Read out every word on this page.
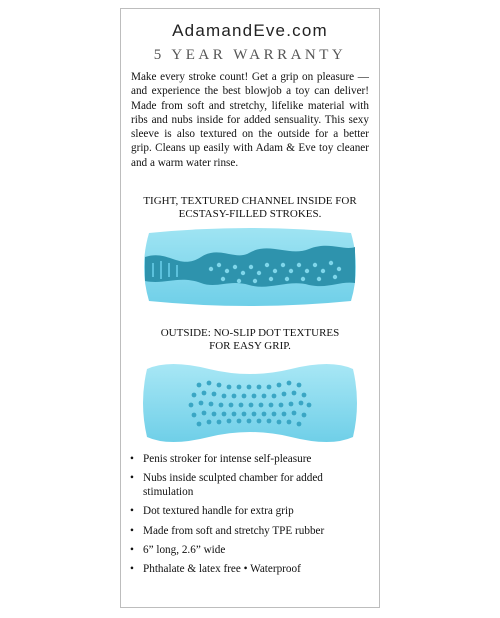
AdamandEve.com
5 YEAR WARRANTY

Make every stroke count! Get a grip on pleasure — and experience the best blowjob a toy can deliver! Made from soft and stretchy, lifelike material with ribs and nubs inside for added sensuality. This sexy sleeve is also textured on the outside for a better grip. Cleans up easily with Adam & Eve toy cleaner and a warm water rinse.

TIGHT, TEXTURED CHANNEL INSIDE FOR
ECSTASY-FILLED STROKES.
OUTSIDE: NO-SLIP DOT TEXTURES
FOR EASY GRIP.
• Penis stroker for intense self-pleasure
• Nubs inside sculpted chamber for added stimulation
• Dot textured handle for extra grip
• Made from soft and stretchy TPE rubber
• 6” long, 2.6” wide
• Phthalate & latex free • Waterproof
